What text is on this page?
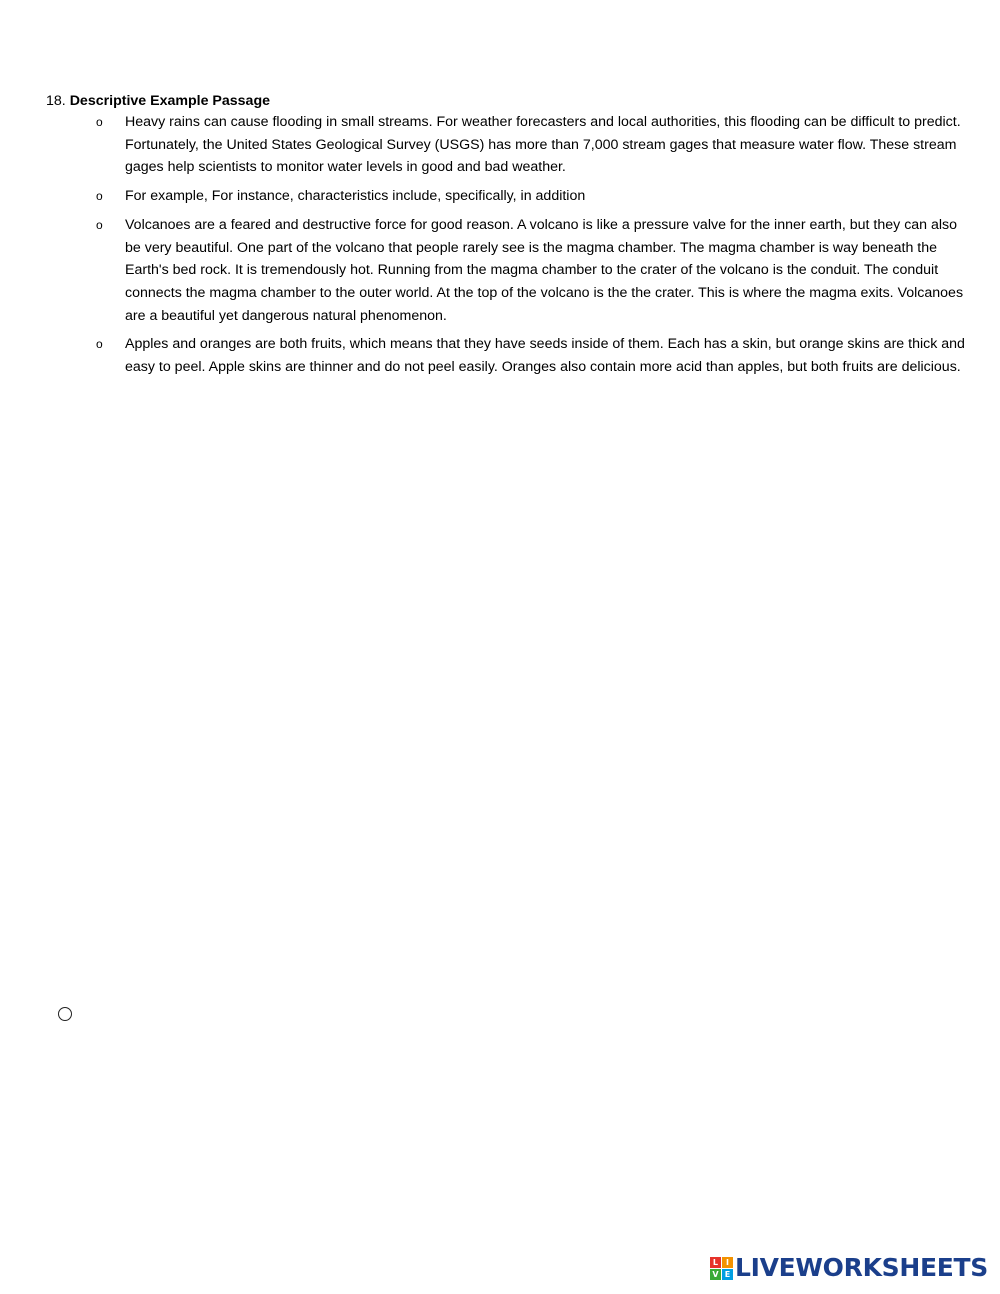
18. Descriptive Example Passage
o Heavy rains can cause flooding in small streams. For weather forecasters and local authorities, this flooding can be difficult to predict. Fortunately, the United States Geological Survey (USGS) has more than 7,000 stream gages that measure water flow. These stream gages help scientists to monitor water levels in good and bad weather.
o For example, For instance, characteristics include, specifically, in addition
o Volcanoes are a feared and destructive force for good reason. A volcano is like a pressure valve for the inner earth, but they can also be very beautiful. One part of the volcano that people rarely see is the magma chamber. The magma chamber is way beneath the Earth's bed rock. It is tremendously hot. Running from the magma chamber to the crater of the volcano is the conduit. The conduit connects the magma chamber to the outer world. At the top of the volcano is the the crater. This is where the magma exits. Volcanoes are a beautiful yet dangerous natural phenomenon.
o Apples and oranges are both fruits, which means that they have seeds inside of them. Each has a skin, but orange skins are thick and easy to peel. Apple skins are thinner and do not peel easily. Oranges also contain more acid than apples, but both fruits are delicious.
L I
V E LIVEWORKSHEETS
